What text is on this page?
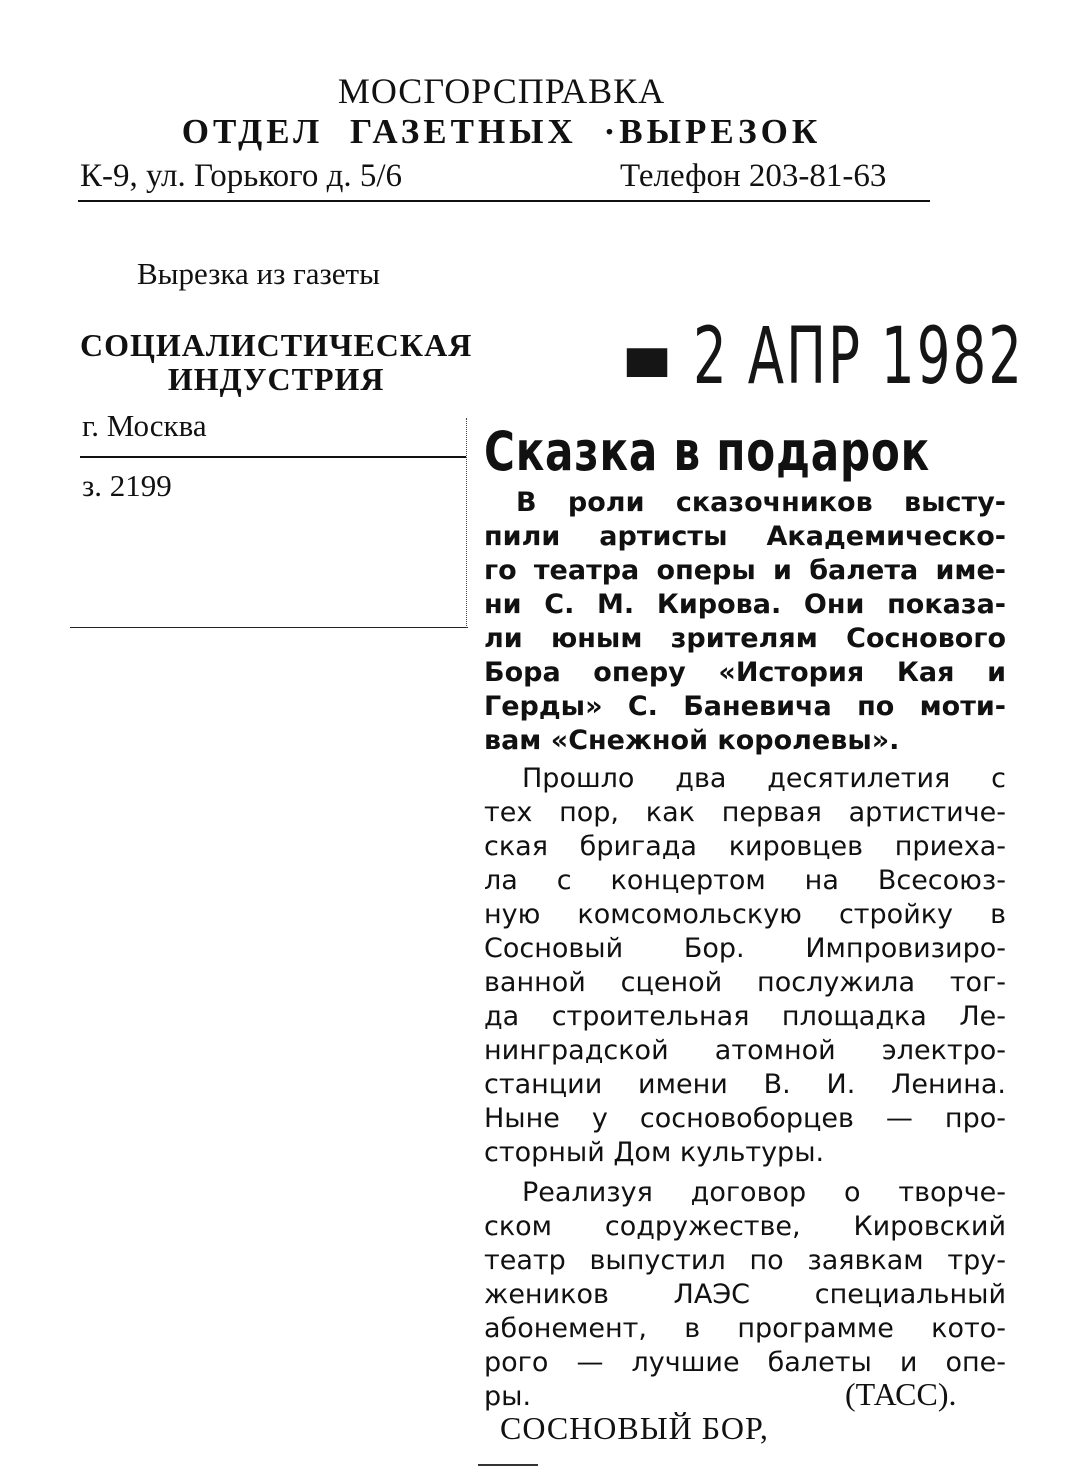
МОСГОРСПРАВКА
ОТДЕЛ ГАЗЕТНЫХ ·ВЫРЕЗОК
К-9, ул. Горького д. 5/6	Телефон 203-81-63
Вырезка из газеты
СОЦИАЛИСТИЧЕСКАЯ
ИНДУСТРИЯ	▬ 2 АПР 1982
г. Москва
з. 2199
Сказка в подарок

В роли сказочников высту-

пили артисты Академическо-

го театра оперы и балета име-

ни С. М. Кирова. Они показа-

ли юным зрителям Соснового

Бора оперу «История Кая и

Герды» С. Баневича по моти-

вам «Снежной королевы».

Прошло два десятилетия с

тех пор, как первая артистиче-

ская бригада кировцев приеха-

ла с концертом на Всесоюз-

ную комсомольскую стройку в

Сосновый Бор. Импровизиро-

ванной сценой послужила тог-

да строительная площадка Ле-

нинградской атомной электро-

станции имени В. И. Ленина.

Ныне у сосновоборцев — про-

сторный Дом культуры.

Реализуя договор о творче-

ском содружестве, Кировский

театр выпустил по заявкам тру-

жеников ЛАЭС специальный

абонемент, в программе кото-

рого — лучшие балеты и опе-

ры.	(ТАСС).
СОСНОВЫЙ БОР,
